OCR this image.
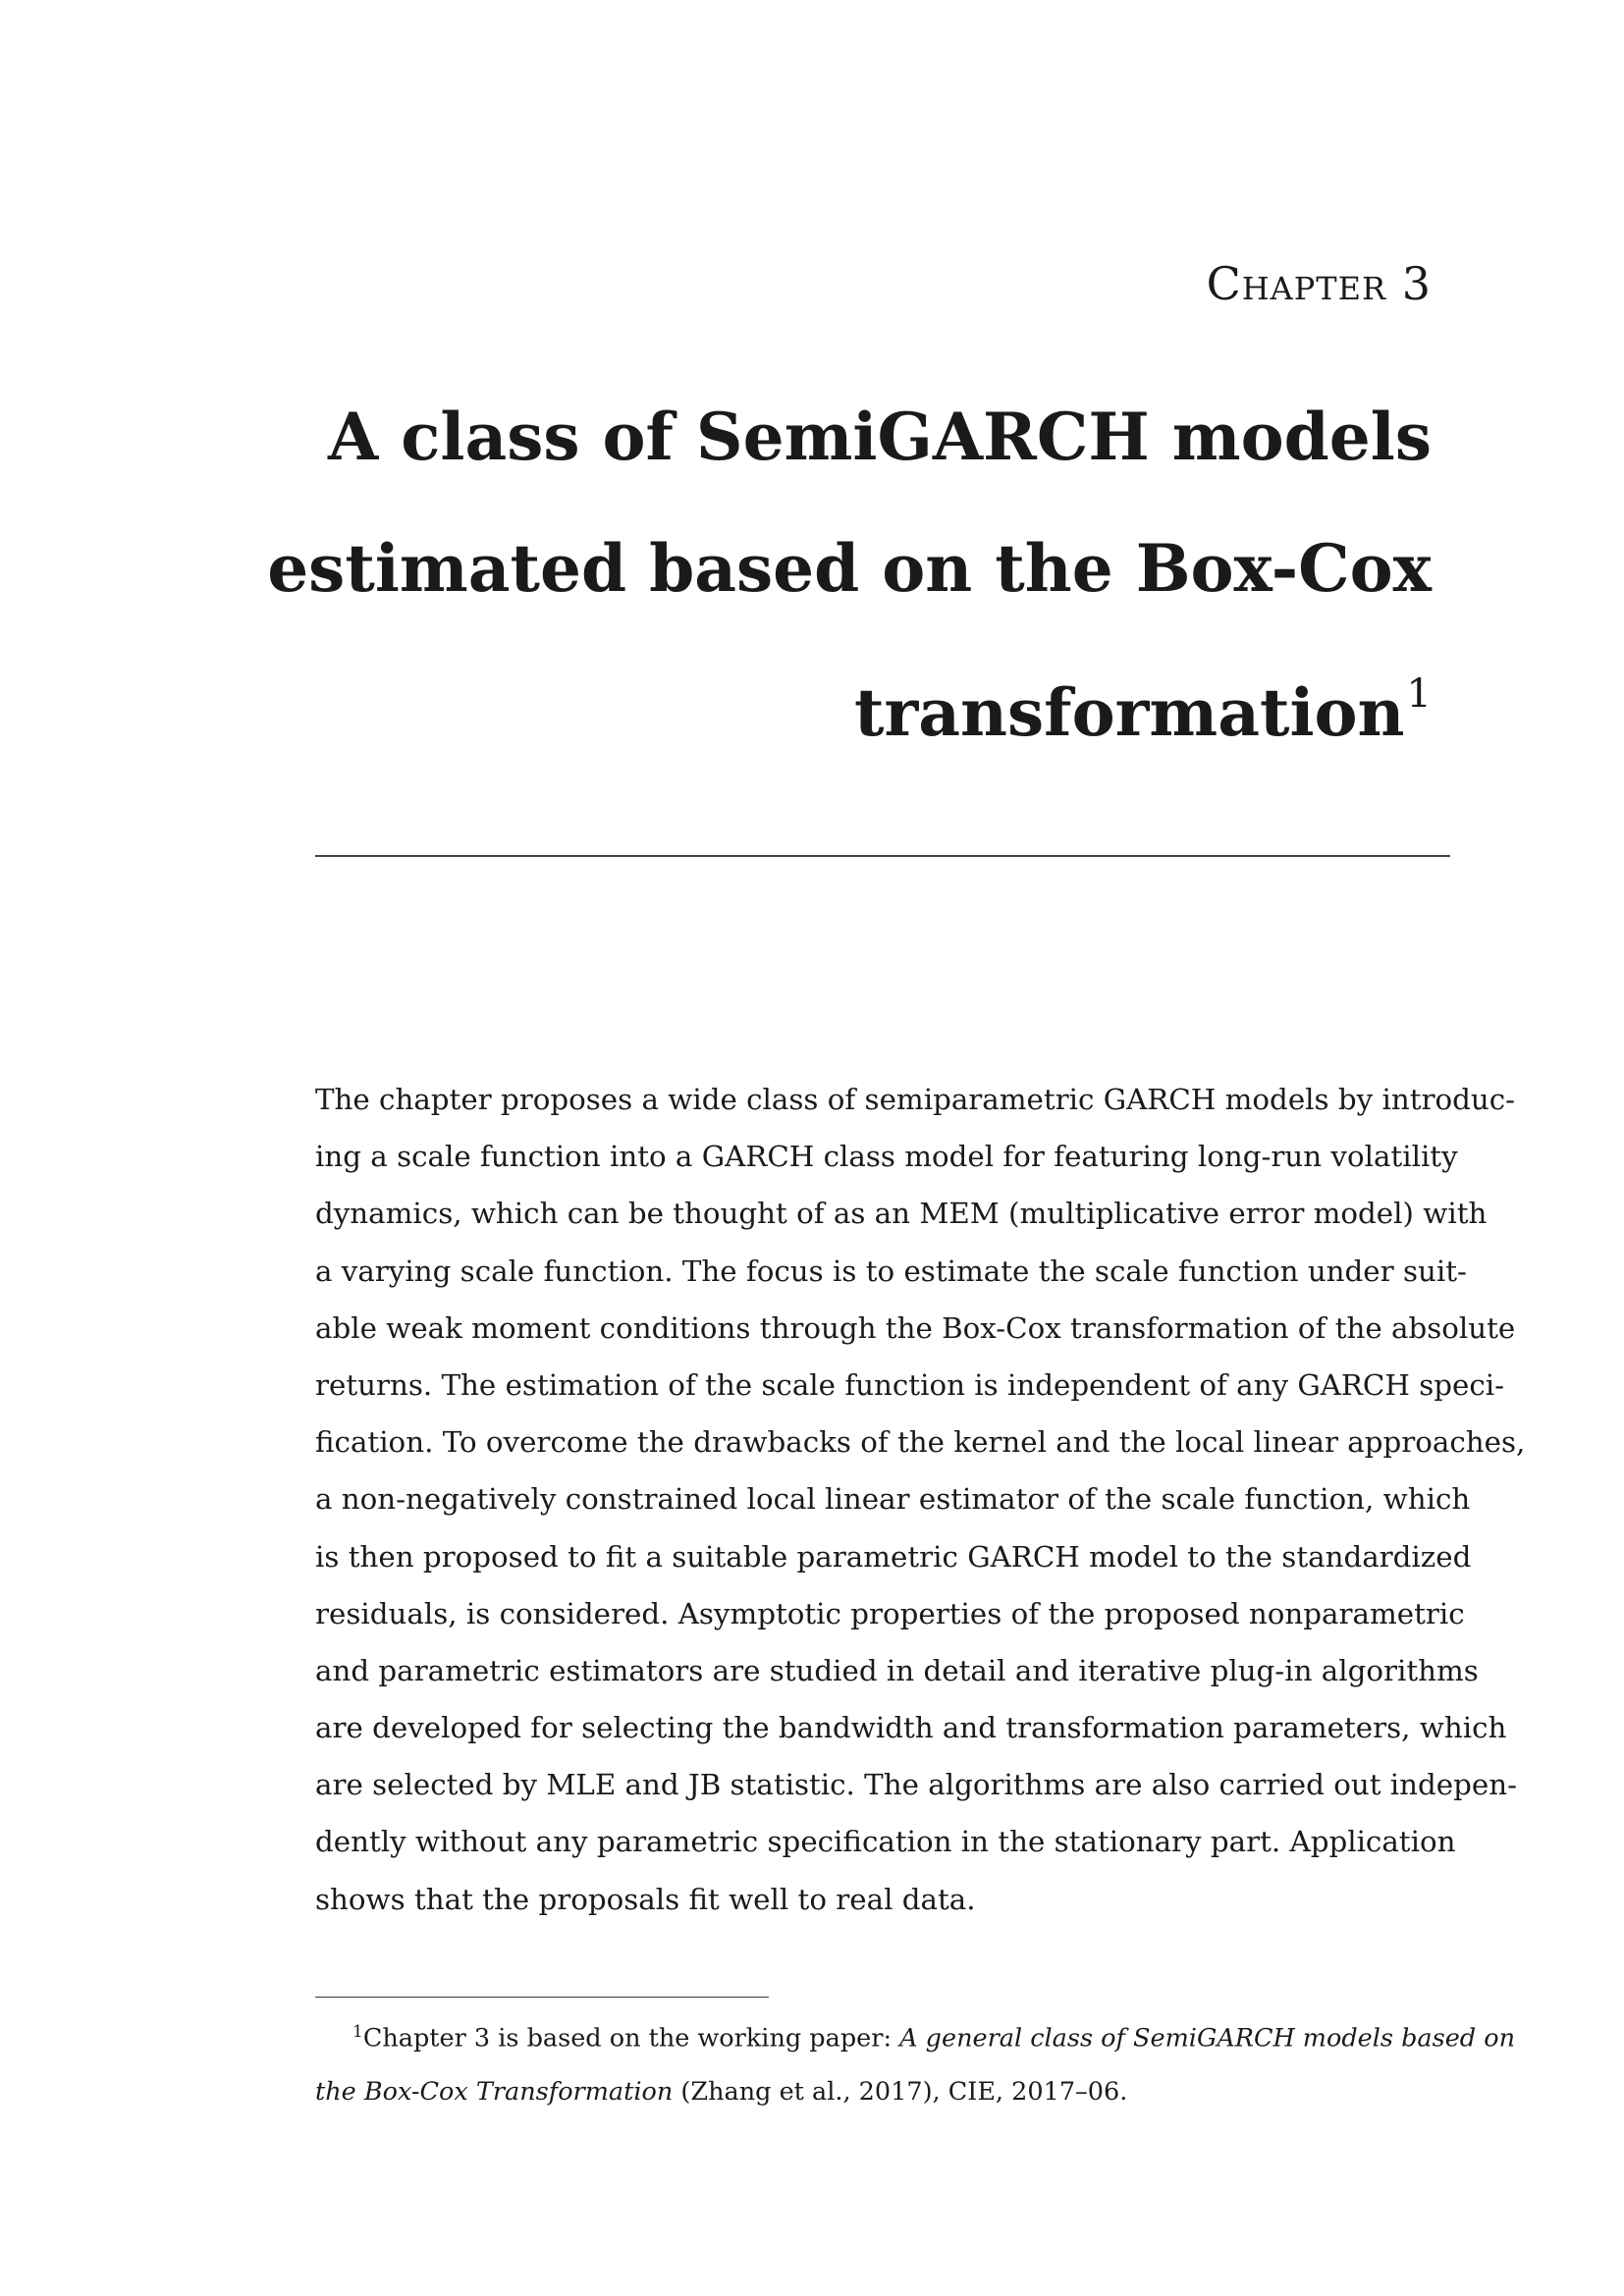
Chapter 3
A class of SemiGARCH models
estimated based on the Box-Cox
transformation$^1$
The chapter proposes a wide class of semiparametric GARCH models by introduc-
ing a scale function into a GARCH class model for featuring long-run volatility
dynamics, which can be thought of as an MEM (multiplicative error model) with
a varying scale function. The focus is to estimate the scale function under suit-
able weak moment conditions through the Box-Cox transformation of the absolute
returns. The estimation of the scale function is independent of any GARCH speci-
fication. To overcome the drawbacks of the kernel and the local linear approaches,
a non-negatively constrained local linear estimator of the scale function, which
is then proposed to fit a suitable parametric GARCH model to the standardized
residuals, is considered. Asymptotic properties of the proposed nonparametric
and parametric estimators are studied in detail and iterative plug-in algorithms
are developed for selecting the bandwidth and transformation parameters, which
are selected by MLE and JB statistic. The algorithms are also carried out indepen-
dently without any parametric specification in the stationary part. Application
shows that the proposals fit well to real data.
$^1$Chapter 3 is based on the working paper: A general class of SemiGARCH models based on
the Box-Cox Transformation (Zhang et al., 2017), CIE, 2017–06.
